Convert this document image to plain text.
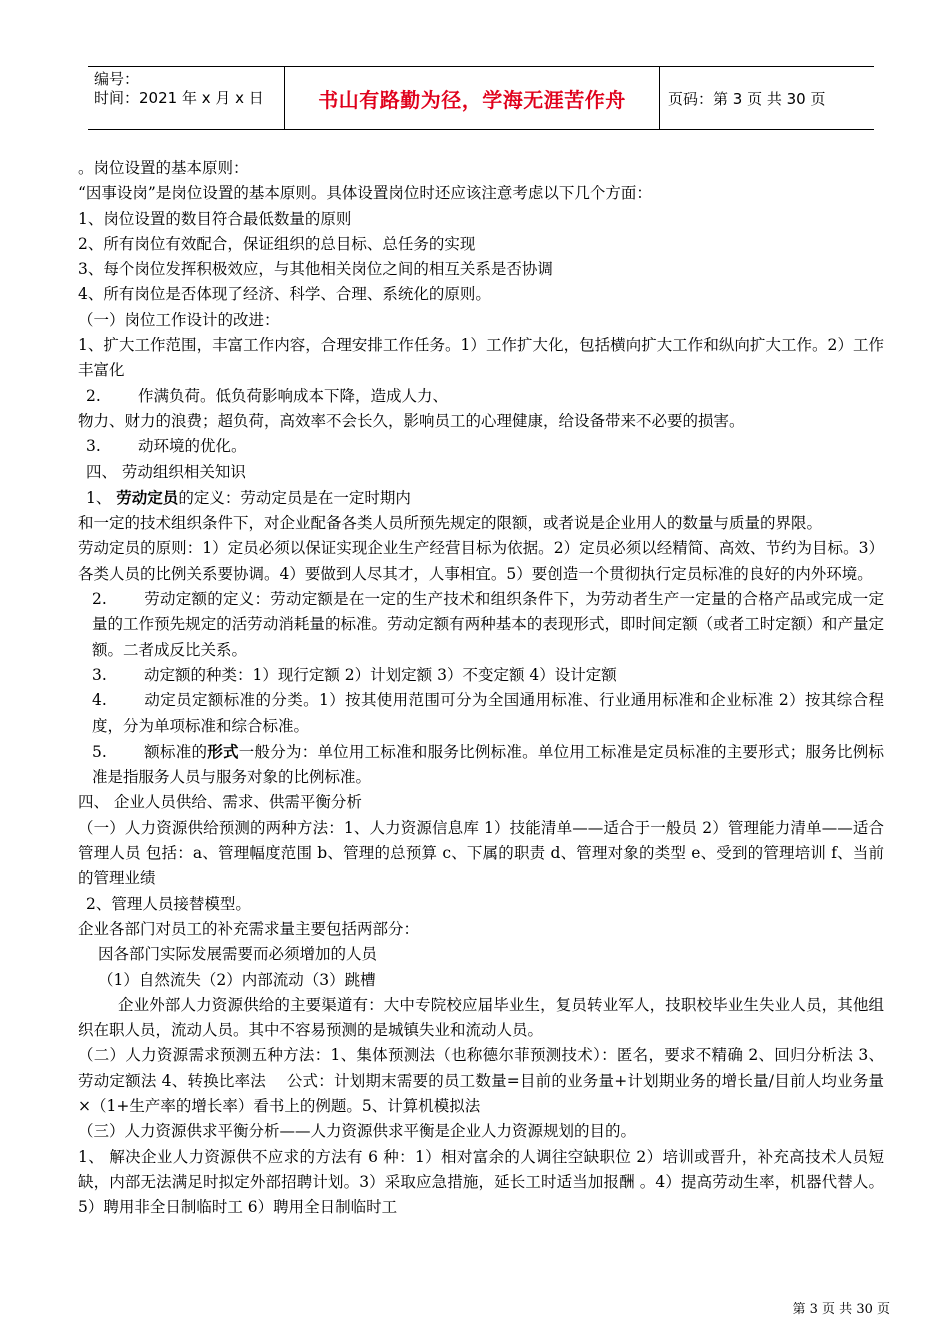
编号：
时间：2021 年 x 月 x 日	书山有路勤为径，学海无涯苦作舟	页码：第 3 页 共 30 页
。岗位设置的基本原则：
“因事设岗”是岗位设置的基本原则。具体设置岗位时还应该注意考虑以下几个方面：
1、岗位设置的数目符合最低数量的原则
2、所有岗位有效配合，保证组织的总目标、总任务的实现
3、每个岗位发挥积极效应，与其他相关岗位之间的相互关系是否协调
4、所有岗位是否体现了经济、科学、合理、系统化的原则。
（一）岗位工作设计的改进：
1、扩大工作范围，丰富工作内容，合理安排工作任务。1）工作扩大化，包括横向扩大工作和纵向扩大工作。2）工作丰富化
2. 作满负荷。低负荷影响成本下降，造成人力、
物力、财力的浪费；超负荷，高效率不会长久，影响员工的心理健康，给设备带来不必要的损害。
3. 动环境的优化。
四、 劳动组织相关知识
1、 劳动定员的定义：劳动定员是在一定时期内
和一定的技术组织条件下，对企业配备各类人员所预先规定的限额，或者说是企业用人的数量与质量的界限。
劳动定员的原则：1）定员必须以保证实现企业生产经营目标为依据。2）定员必须以经精简、高效、节约为目标。3）各类人员的比例关系要协调。4）要做到人尽其才，人事相宜。5）要创造一个贯彻执行定员标准的良好的内外环境。
2. 劳动定额的定义：劳动定额是在一定的生产技术和组织条件下，为劳动者生产一定量的合格产品或完成一定量的工作预先规定的活劳动消耗量的标准。劳动定额有两种基本的表现形式，即时间定额（或者工时定额）和产量定额。二者成反比关系。
3. 动定额的种类：1）现行定额 2）计划定额 3）不变定额 4）设计定额
4. 动定员定额标准的分类。1）按其使用范围可分为全国通用标准、行业通用标准和企业标准 2）按其综合程度，分为单项标准和综合标准。
5. 额标准的形式一般分为：单位用工标准和服务比例标准。单位用工标准是定员标准的主要形式；服务比例标准是指服务人员与服务对象的比例标准。
四、 企业人员供给、需求、供需平衡分析
（一）人力资源供给预测的两种方法：1、人力资源信息库 1）技能清单——适合于一般员 2）管理能力清单——适合管理人员 包括：a、管理幅度范围 b、管理的总预算 c、下属的职责 d、管理对象的类型 e、受到的管理培训 f、当前的管理业绩
2、管理人员接替模型。
企业各部门对员工的补充需求量主要包括两部分：
因各部门实际发展需要而必须增加的人员
（1）自然流失（2）内部流动（3）跳槽
企业外部人力资源供给的主要渠道有：大中专院校应届毕业生，复员转业军人，技职校毕业生失业人员，其他组织在职人员，流动人员。其中不容易预测的是城镇失业和流动人员。
（二）人力资源需求预测五种方法：1、集体预测法（也称德尔菲预测技术）：匿名，要求不精确 2、回归分析法 3、劳动定额法 4、转换比率法　 公式：计划期末需要的员工数量=目前的业务量+计划期业务的增长量/目前人均业务量×（1+生产率的增长率）看书上的例题。5、计算机模拟法
（三）人力资源供求平衡分析——人力资源供求平衡是企业人力资源规划的目的。
1、 解决企业人力资源供不应求的方法有 6 种：1）相对富余的人调往空缺职位 2）培训或晋升，补充高技术人员短缺，内部无法满足时拟定外部招聘计划。3）采取应急措施，延长工时适当加报酬 。4）提高劳动生率，机器代替人。5）聘用非全日制临时工 6）聘用全日制临时工
第 3 页 共 30 页
